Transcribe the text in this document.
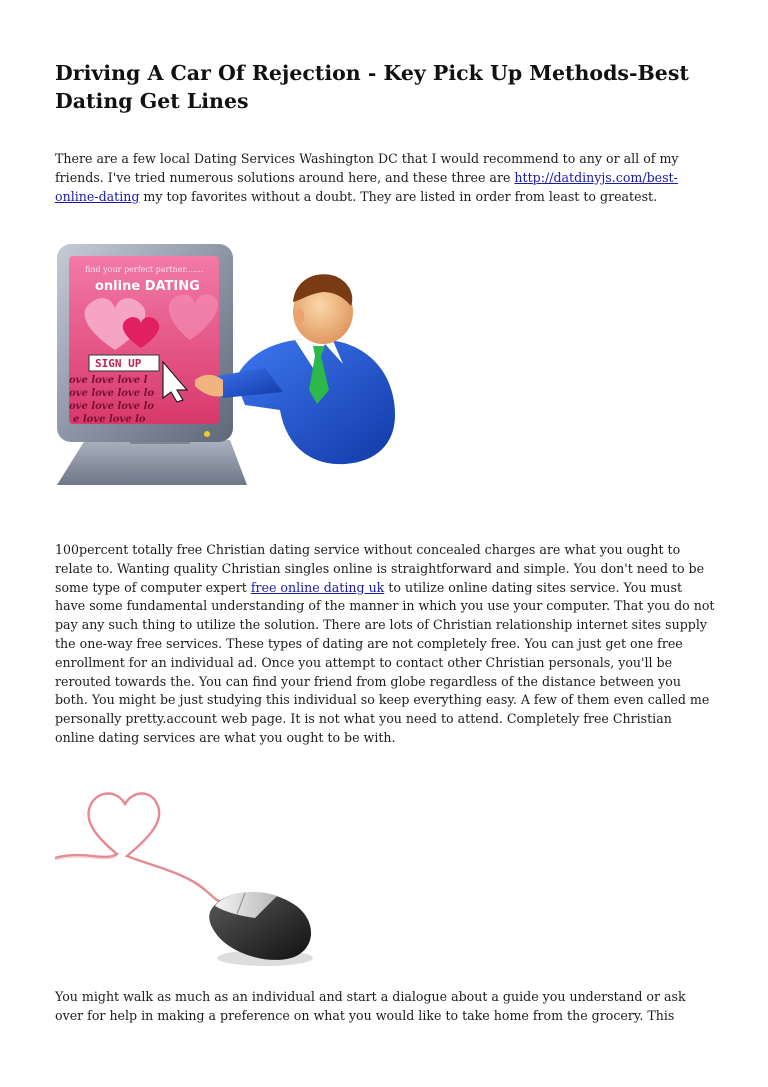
Driving A Car Of Rejection - Key Pick Up Methods-Best Dating Get Lines

There are a few local Dating Services Washington DC that I would recommend to any or all of my friends. I've tried numerous solutions around here, and these three are http://datdinyjs.com/best-online-dating my top favorites without a doubt. They are listed in order from least to greatest.

find your perfect partner.......
online DATING
SIGN UP
ove love love l
ove love love lo
ove love love lo
e love love lo

100percent totally free Christian dating service without concealed charges are what you ought to relate to. Wanting quality Christian singles online is straightforward and simple. You don't need to be some type of computer expert free online dating uk to utilize online dating sites service. You must have some fundamental understanding of the manner in which you use your computer. That you do not pay any such thing to utilize the solution. There are lots of Christian relationship internet sites supply the one-way free services. These types of dating are not completely free. You can just get one free enrollment for an individual ad. Once you attempt to contact other Christian personals, you'll be rerouted towards the. You can find your friend from globe regardless of the distance between you both. You might be just studying this individual so keep everything easy. A few of them even called me personally pretty.account web page. It is not what you need to attend. Completely free Christian online dating services are what you ought to be with.

You might walk as much as an individual and start a dialogue about a guide you understand or ask over for help in making a preference on what you would like to take home from the grocery. This
